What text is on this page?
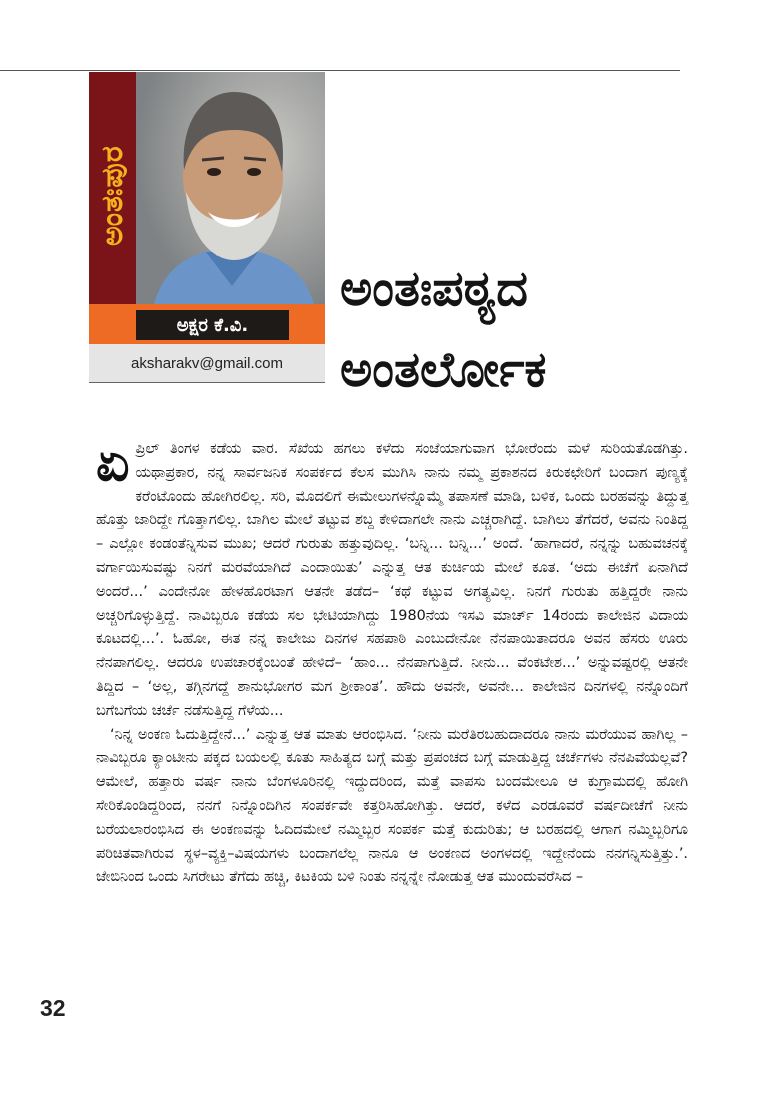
ಅಂತಃಪುರ
ಅಕ್ಷರ ಕೆ.ವಿ.
aksharakv@gmail.com
ಅಂತಃಪಠ್ಯದ
ಅಂತರ್ಲೋಕ

ಏಪ್ರಿಲ್ ತಿಂಗಳ ಕಡೆಯ ವಾರ. ಸೆಖೆಯ ಹಗಲು ಕಳೆದು ಸಂಜೆಯಾಗುವಾಗ ಭೋರೆಂದು ಮಳೆ ಸುರಿಯತೊಡಗಿತ್ತು. ಯಥಾಪ್ರಕಾರ, ನನ್ನ ಸಾರ್ವಜನಿಕ ಸಂಪರ್ಕದ ಕೆಲಸ ಮುಗಿಸಿ ನಾನು ನಮ್ಮ ಪ್ರಕಾಶನದ ಕಿರುಕಛೇರಿಗೆ ಬಂದಾಗ ಪುಣ್ಯಕ್ಕೆ ಕರೆಂಟೊಂದು ಹೋಗಿರಲಿಲ್ಲ. ಸರಿ, ಮೊದಲಿಗೆ ಈಮೇಲುಗಳನ್ನೊಮ್ಮೆ ತಪಾಸಣೆ ಮಾಡಿ, ಬಳಿಕ, ಒಂದು ಬರಹವನ್ನು ತಿದ್ದುತ್ತ ಹೊತ್ತು ಜಾರಿದ್ದೇ ಗೊತ್ತಾಗಲಿಲ್ಲ. ಬಾಗಿಲ ಮೇಲೆ ತಟ್ಟುವ ಶಬ್ದ ಕೇಳಿದಾಗಲೇ ನಾನು ಎಚ್ಚರಾಗಿದ್ದೆ. ಬಾಗಿಲು ತೆಗೆದರೆ, ಅವನು ನಿಂತಿದ್ದ – ಎಲ್ಲೋ ಕಂಡಂತೆನ್ನಿಸುವ ಮುಖ; ಆದರೆ ಗುರುತು ಹತ್ತುವುದಿಲ್ಲ. ‘ಬನ್ನಿ... ಬನ್ನಿ...’ ಅಂದೆ. ‘ಹಾಗಾದರೆ, ನನ್ನನ್ನು ಬಹುವಚನಕ್ಕೆ ವರ್ಗಾಯಿಸುವಷ್ಟು ನಿನಗೆ ಮರವೆಯಾಗಿದೆ ಎಂದಾಯಿತು’ ಎನ್ನುತ್ತ ಆತ ಕುರ್ಚಿಯ ಮೇಲೆ ಕೂತ. ‘ಅದು ಈಚೆಗೆ ಏನಾಗಿದೆ ಅಂದರೆ...’ ಎಂದೇನೋ ಹೇಳಹೊರಟಾಗ ಆತನೇ ತಡೆದ– ‘ಕಥೆ ಕಟ್ಟುವ ಅಗತ್ಯವಿಲ್ಲ. ನಿನಗೆ ಗುರುತು ಹತ್ತಿದ್ದರೇ ನಾನು ಅಚ್ಚರಿಗೊಳ್ಳುತ್ತಿದ್ದೆ. ನಾವಿಬ್ಬರೂ ಕಡೆಯ ಸಲ ಭೇಟಿಯಾಗಿದ್ದು 1980ನೆಯ ಇಸವಿ ಮಾರ್ಚ್ 14ರಂದು ಕಾಲೇಜಿನ ವಿದಾಯ ಕೂಟದಲ್ಲಿ...’. ಓಹೋ, ಈತ ನನ್ನ ಕಾಲೇಜು ದಿನಗಳ ಸಹಪಾಠಿ ಎಂಬುದೇನೋ ನೆನಪಾಯಿತಾದರೂ ಅವನ ಹೆಸರು ಊರು ನೆನಪಾಗಲಿಲ್ಲ. ಆದರೂ ಉಪಚಾರಕ್ಕೆಂಬಂತೆ ಹೇಳಿದೆ– ‘ಹಾಂ... ನೆನಪಾಗುತ್ತಿದೆ. ನೀನು... ವೆಂಕಟೇಶ...’ ಅನ್ನುವಷ್ಟರಲ್ಲಿ ಆತನೇ ತಿದ್ದಿದ – ‘ಅಲ್ಲ, ತಗ್ಗಿನಗದ್ದೆ ಶಾನುಭೋಗರ ಮಗ ಶ್ರೀಕಾಂತ’. ಹೌದು ಅವನೇ, ಅವನೇ... ಕಾಲೇಜಿನ ದಿನಗಳಲ್ಲಿ ನನ್ನೊಂದಿಗೆ ಬಗೆಬಗೆಯ ಚರ್ಚೆ ನಡೆಸುತ್ತಿದ್ದ ಗೆಳೆಯ...

‘ನಿನ್ನ ಅಂಕಣ ಓದುತ್ತಿದ್ದೇನೆ...’ ಎನ್ನುತ್ತ ಆತ ಮಾತು ಆರಂಭಿಸಿದ. ‘ನೀನು ಮರೆತಿರಬಹುದಾದರೂ ನಾನು ಮರೆಯುವ ಹಾಗಿಲ್ಲ – ನಾವಿಬ್ಬರೂ ಕ್ಯಾಂಟೀನು ಪಕ್ಕದ ಬಯಲಲ್ಲಿ ಕೂತು ಸಾಹಿತ್ಯದ ಬಗ್ಗೆ ಮತ್ತು ಪ್ರಪಂಚದ ಬಗ್ಗೆ ಮಾಡುತ್ತಿದ್ದ ಚರ್ಚೆಗಳು ನೆನಪಿವೆಯಲ್ಲವೆ? ಆಮೇಲೆ, ಹತ್ತಾರು ವರ್ಷ ನಾನು ಬೆಂಗಳೂರಿನಲ್ಲಿ ಇದ್ದುದರಿಂದ, ಮತ್ತೆ ವಾಪಸು ಬಂದಮೇಲೂ ಆ ಕುಗ್ರಾಮದಲ್ಲಿ ಹೋಗಿ ಸೇರಿಕೊಂಡಿದ್ದರಿಂದ, ನನಗೆ ನಿನ್ನೊಂದಿಗಿನ ಸಂಪರ್ಕವೇ ಕತ್ತರಿಸಿಹೋಗಿತ್ತು. ಆದರೆ, ಕಳೆದ ಎರಡೂವರೆ ವರ್ಷದೀಚೆಗೆ ನೀನು ಬರೆಯಲಾರಂಭಿಸಿದ ಈ ಅಂಕಣವನ್ನು ಓದಿದಮೇಲೆ ನಮ್ಮಿಬ್ಬರ ಸಂಪರ್ಕ ಮತ್ತೆ ಕುದುರಿತು; ಆ ಬರಹದಲ್ಲಿ ಆಗಾಗ ನಮ್ಮಿಬ್ಬರಿಗೂ ಪರಿಚಿತವಾಗಿರುವ ಸ್ಥಳ–ವ್ಯಕ್ತಿ–ವಿಷಯಗಳು ಬಂದಾಗಲೆಲ್ಲ ನಾನೂ ಆ ಅಂಕಣದ ಅಂಗಳದಲ್ಲಿ ಇದ್ದೇನೆಂದು ನನಗನ್ನಿಸುತ್ತಿತ್ತು.’. ಜೇಬಿನಿಂದ ಒಂದು ಸಿಗರೇಟು ತೆಗೆದು ಹಚ್ಚಿ, ಕಿಟಕಿಯ ಬಳಿ ನಿಂತು ನನ್ನನ್ನೇ ನೋಡುತ್ತ ಆತ ಮುಂದುವರೆಸಿದ –

32
